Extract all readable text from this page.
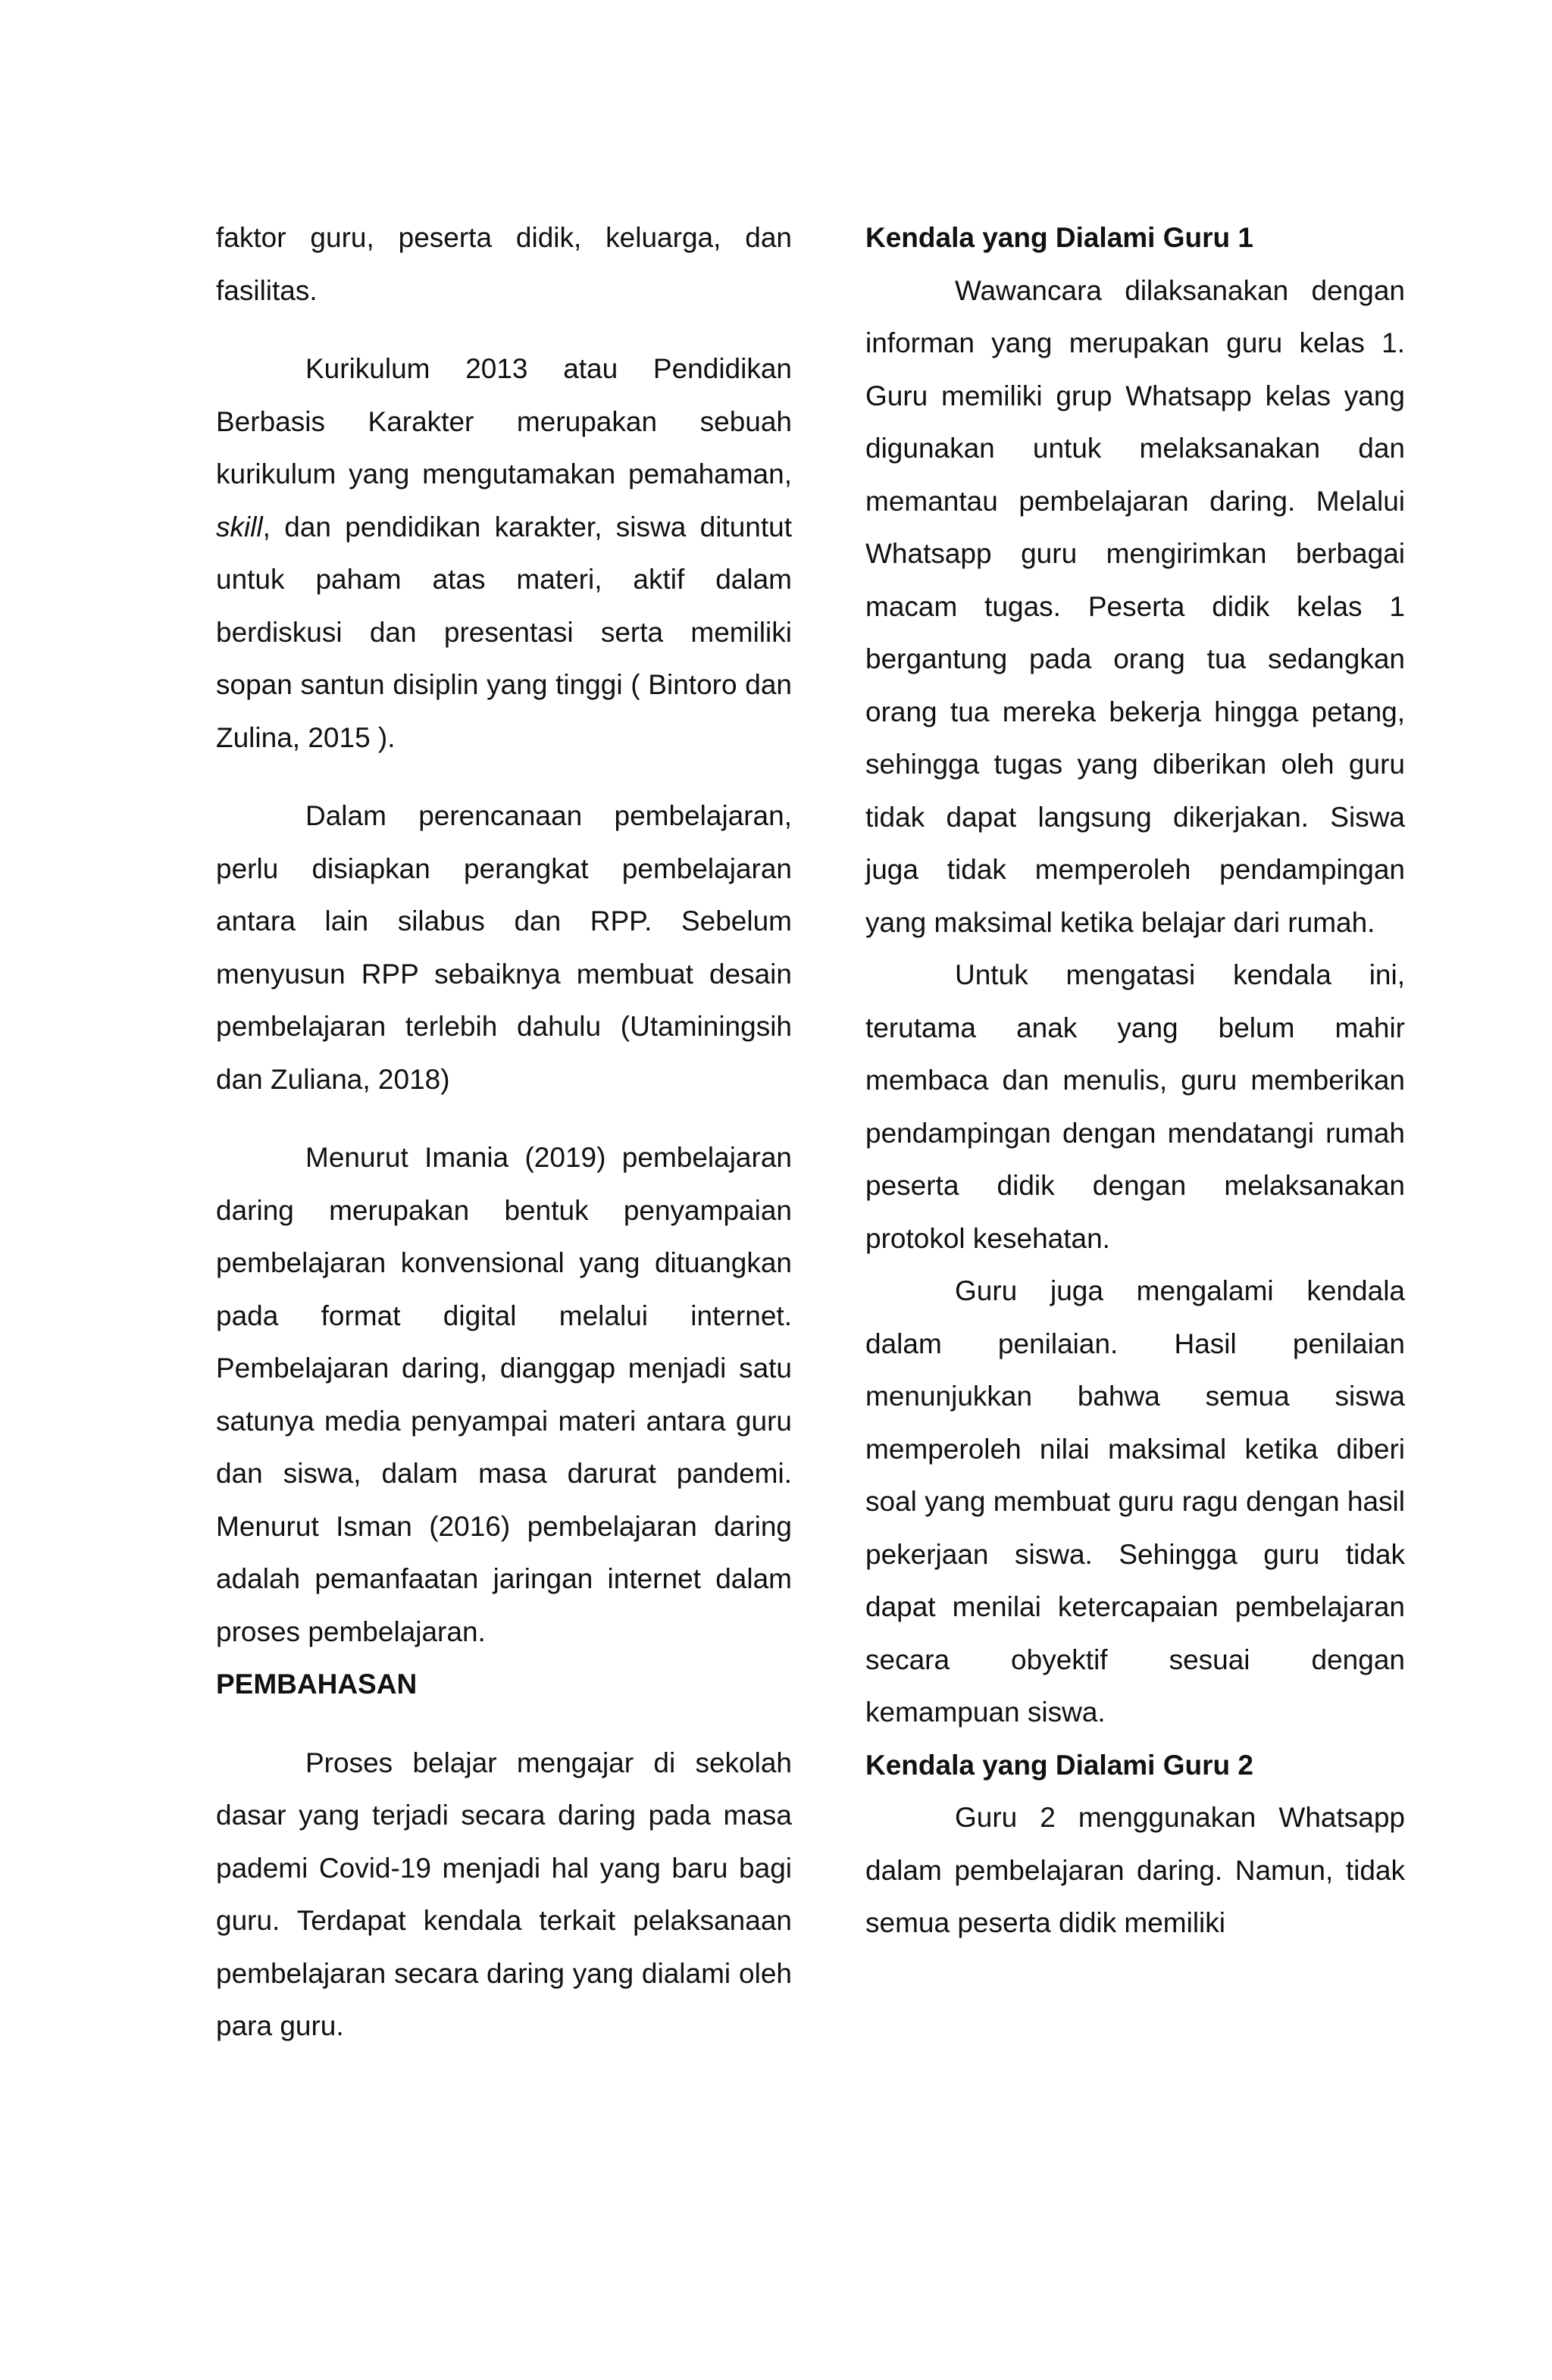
faktor guru, peserta didik, keluarga, dan fasilitas.

Kurikulum 2013 atau Pendidikan Berbasis Karakter merupakan sebuah kurikulum yang mengutamakan pemahaman, skill, dan pendidikan karakter, siswa dituntut untuk paham atas materi, aktif dalam berdiskusi dan presentasi serta memiliki sopan santun disiplin yang tinggi ( Bintoro dan Zulina, 2015 ).

Dalam perencanaan pembelajaran, perlu disiapkan perangkat pembelajaran antara lain silabus dan RPP. Sebelum menyusun RPP sebaiknya membuat desain pembelajaran terlebih dahulu (Utaminingsih dan Zuliana, 2018)

Menurut Imania (2019) pembelajaran daring merupakan bentuk penyampaian pembelajaran konvensional yang dituangkan pada format digital melalui internet. Pembelajaran daring, dianggap menjadi satu satunya media penyampai materi antara guru dan siswa, dalam masa darurat pandemi. Menurut Isman (2016) pembelajaran daring adalah pemanfaatan jaringan internet dalam proses pembelajaran.

PEMBAHASAN

Proses belajar mengajar di sekolah dasar yang terjadi secara daring pada masa pademi Covid-19 menjadi hal yang baru bagi guru. Terdapat kendala terkait pelaksanaan pembelajaran secara daring yang dialami oleh para guru.

Kendala yang Dialami Guru 1

Wawancara dilaksanakan dengan informan yang merupakan guru kelas 1. Guru memiliki grup Whatsapp kelas yang digunakan untuk melaksanakan dan memantau pembelajaran daring. Melalui Whatsapp guru mengirimkan berbagai macam tugas. Peserta didik kelas 1 bergantung pada orang tua sedangkan orang tua mereka bekerja hingga petang, sehingga tugas yang diberikan oleh guru tidak dapat langsung dikerjakan. Siswa juga tidak memperoleh pendampingan yang maksimal ketika belajar dari rumah.

Untuk mengatasi kendala ini, terutama anak yang belum mahir membaca dan menulis, guru memberikan pendampingan dengan mendatangi rumah peserta didik dengan melaksanakan protokol kesehatan.

Guru juga mengalami kendala dalam penilaian. Hasil penilaian menunjukkan bahwa semua siswa memperoleh nilai maksimal ketika diberi soal yang membuat guru ragu dengan hasil pekerjaan siswa. Sehingga guru tidak dapat menilai ketercapaian pembelajaran secara obyektif sesuai dengan kemampuan siswa.

Kendala yang Dialami Guru 2

Guru 2 menggunakan Whatsapp dalam pembelajaran daring. Namun, tidak semua peserta didik memiliki
